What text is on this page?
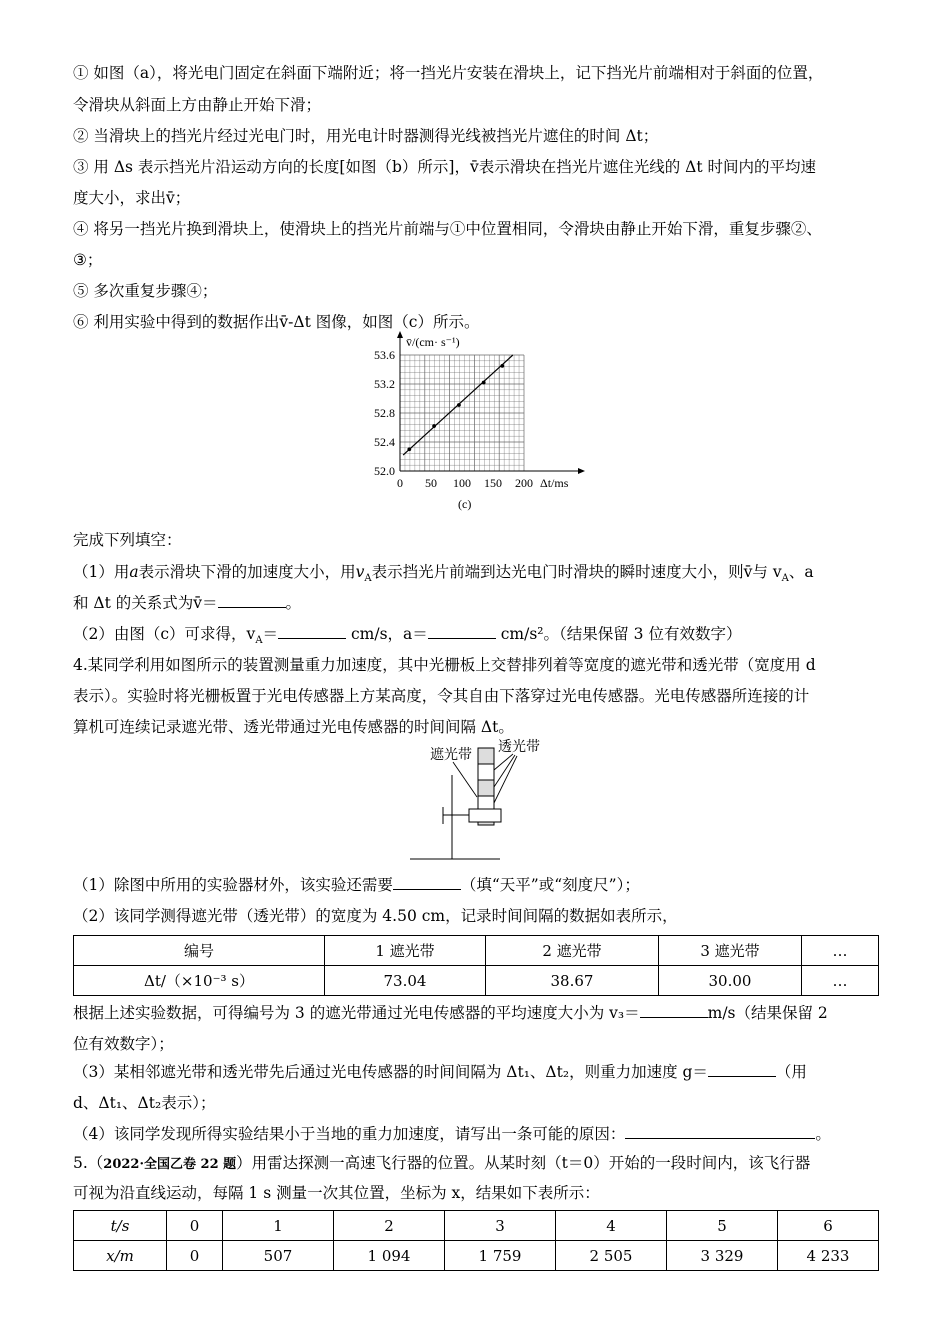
① 如图（a），将光电门固定在斜面下端附近；将一挡光片安装在滑块上，记下挡光片前端相对于斜面的位置，
令滑块从斜面上方由静止开始下滑；
② 当滑块上的挡光片经过光电门时，用光电计时器测得光线被挡光片遮住的时间 Δt；
③ 用 Δs 表示挡光片沿运动方向的长度[如图（b）所示]，v̄表示滑块在挡光片遮住光线的 Δt 时间内的平均速
度大小，求出v̄；
④ 将另一挡光片换到滑块上，使滑块上的挡光片前端与①中位置相同，令滑块由静止开始下滑，重复步骤②、
③；
⑤ 多次重复步骤④；
⑥ 利用实验中得到的数据作出v̄-Δt 图像，如图（c）所示。
0 50 100 150 200
52.0
52.4
52.8
53.2
53.6
v̄/(cm· s⁻¹)
Δt/ms
(c)
完成下列填空：
（1）用a表示滑块下滑的加速度大小，用$v_A$表示挡光片前端到达光电门时滑块的瞬时速度大小，则v̄与 $v_A$、a
和 Δt 的关系式为v̄＝	。
（2）由图（c）可求得，$v_A=$	cm/s，a＝	cm/s²。（结果保留 3 位有效数字）
4.某同学利用如图所示的装置测量重力加速度，其中光栅板上交替排列着等宽度的遮光带和透光带（宽度用 d
表示）。实验时将光栅板置于光电传感器上方某高度，令其自由下落穿过光电传感器。光电传感器所连接的计
算机可连续记录遮光带、透光带通过光电传感器的时间间隔 Δt。
遮光带
透光带
（1）除图中所用的实验器材外，该实验还需要	（填“天平”或“刻度尺”）；
（2）该同学测得遮光带（透光带）的宽度为 4.50 cm，记录时间间隔的数据如表所示，
编号	1 遮光带	2 遮光带	3 遮光带	…
Δt/（×10⁻³ s）	73.04	38.67	30.00	…
根据上述实验数据，可得编号为 3 的遮光带通过光电传感器的平均速度大小为 v₃＝	m/s（结果保留 2
位有效数字）；
（3）某相邻遮光带和透光带先后通过光电传感器的时间间隔为 Δt₁、Δt₂，则重力加速度 g＝	（用
d、Δt₁、Δt₂表示）；
（4）该同学发现所得实验结果小于当地的重力加速度，请写出一条可能的原因：	。
5.（2022·全国乙卷 22 题）用雷达探测一高速飞行器的位置。从某时刻（t＝0）开始的一段时间内，该飞行器
可视为沿直线运动，每隔 1 s 测量一次其位置，坐标为 x，结果如下表所示：
t/s	0	1	2	3	4	5	6
x/m	0	507	1 094	1 759	2 505	3 329	4 233
